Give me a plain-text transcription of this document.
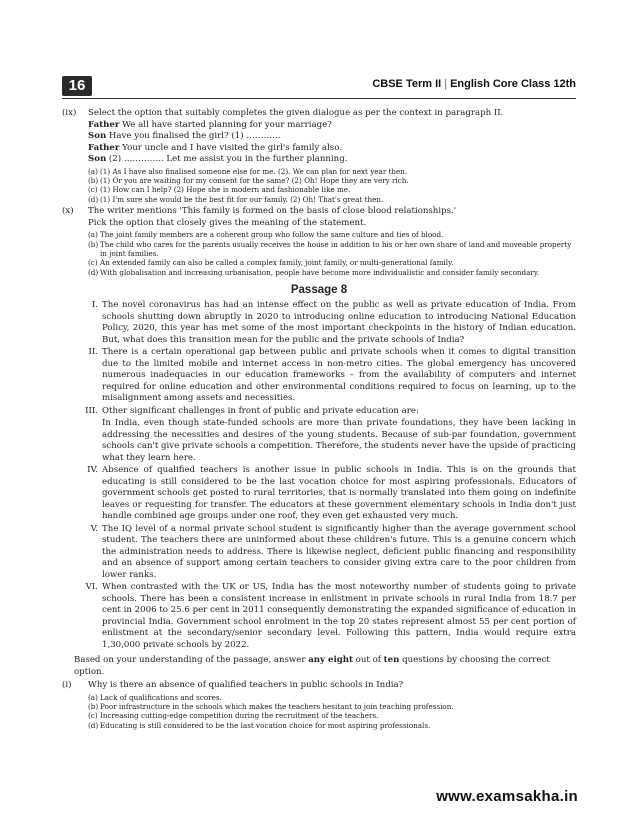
16	CBSE Term II | English Core Class 12th
(ix) Select the option that suitably completes the given dialogue as per the context in paragraph II.

Father We all have started planning for your marriage?

Son Have you finalised the girl? (1) …………

Father Your uncle and I have visited the girl's family also.

Son (2) ………….. Let me assist you in the further planning.

(a) (1) As I have also finalised someone else for me. (2). We can plan for next year then.

(b) (1) Or you are waiting for my consent for the same? (2) Oh! Hope they are very rich.

(c) (1) How can I help? (2) Hope she is modern and fashionable like me.

(d) (1) I'm sure she would be the best fit for our family. (2) Oh! That's great then.

(x) The writer mentions 'This family is formed on the basis of close blood relationships.'

Pick the option that closely gives the meaning of the statement.

(a) The joint family members are a coherent group who follow the same culture and ties of blood.

(b) The child who cares for the parents usually receives the house in addition to his or her own share of land and moveable property in joint families.

(c) An extended family can also be called a complex family, joint family, or multi-generational family.

(d) With globalisation and increasing urbanisation, people have become more individualistic and consider family secondary.

Passage 8

I. The novel coronavirus has had an intense effect on the public as well as private education of India. From schools shutting down abruptly in 2020 to introducing online education to introducing National Education Policy, 2020, this year has met some of the most important checkpoints in the history of Indian education. But, what does this transition mean for the public and the private schools of India?

II. There is a certain operational gap between public and private schools when it comes to digital transition due to the limited mobile and internet access in non-metro cities. The global emergency has uncovered numerous inadequacies in our education frameworks – from the availability of computers and internet required for online education and other environmental conditions required to focus on learning, up to the misalignment among assets and necessities.

III. Other significant challenges in front of public and private education are:

In India, even though state-funded schools are more than private foundations, they have been lacking in addressing the necessities and desires of the young students. Because of sub-par foundation, government schools can't give private schools a competition. Therefore, the students never have the upside of practicing what they learn here.

IV. Absence of qualified teachers is another issue in public schools in India. This is on the grounds that educating is still considered to be the last vocation choice for most aspiring professionals. Educators of government schools get posted to rural territories, that is normally translated into them going on indefinite leaves or requesting for transfer. The educators at these government elementary schools in India don't just handle combined age groups under one roof, they even get exhausted very much.

V. The IQ level of a normal private school student is significantly higher than the average government school student. The teachers there are uninformed about these children's future. This is a genuine concern which the administration needs to address. There is likewise neglect, deficient public financing and responsibility and an absence of support among certain teachers to consider giving extra care to the poor children from lower ranks.

VI. When contrasted with the UK or US, India has the most noteworthy number of students going to private schools. There has been a consistent increase in enlistment in private schools in rural India from 18.7 per cent in 2006 to 25.6 per cent in 2011 consequently demonstrating the expanded significance of education in provincial India. Government school enrolment in the top 20 states represent almost 55 per cent portion of enlistment at the secondary/senior secondary level. Following this pattern, India would require extra 1,30,000 private schools by 2022.

Based on your understanding of the passage, answer any eight out of ten questions by choosing the correct option.

(i) Why is there an absence of qualified teachers in public schools in India?

(a) Lack of qualifications and scores.

(b) Poor infrastructure in the schools which makes the teachers hesitant to join teaching profession.

(c) Increasing cutting-edge competition during the recruitment of the teachers.

(d) Educating is still considered to be the last vocation choice for most aspiring professionals.

www.examsakha.in
